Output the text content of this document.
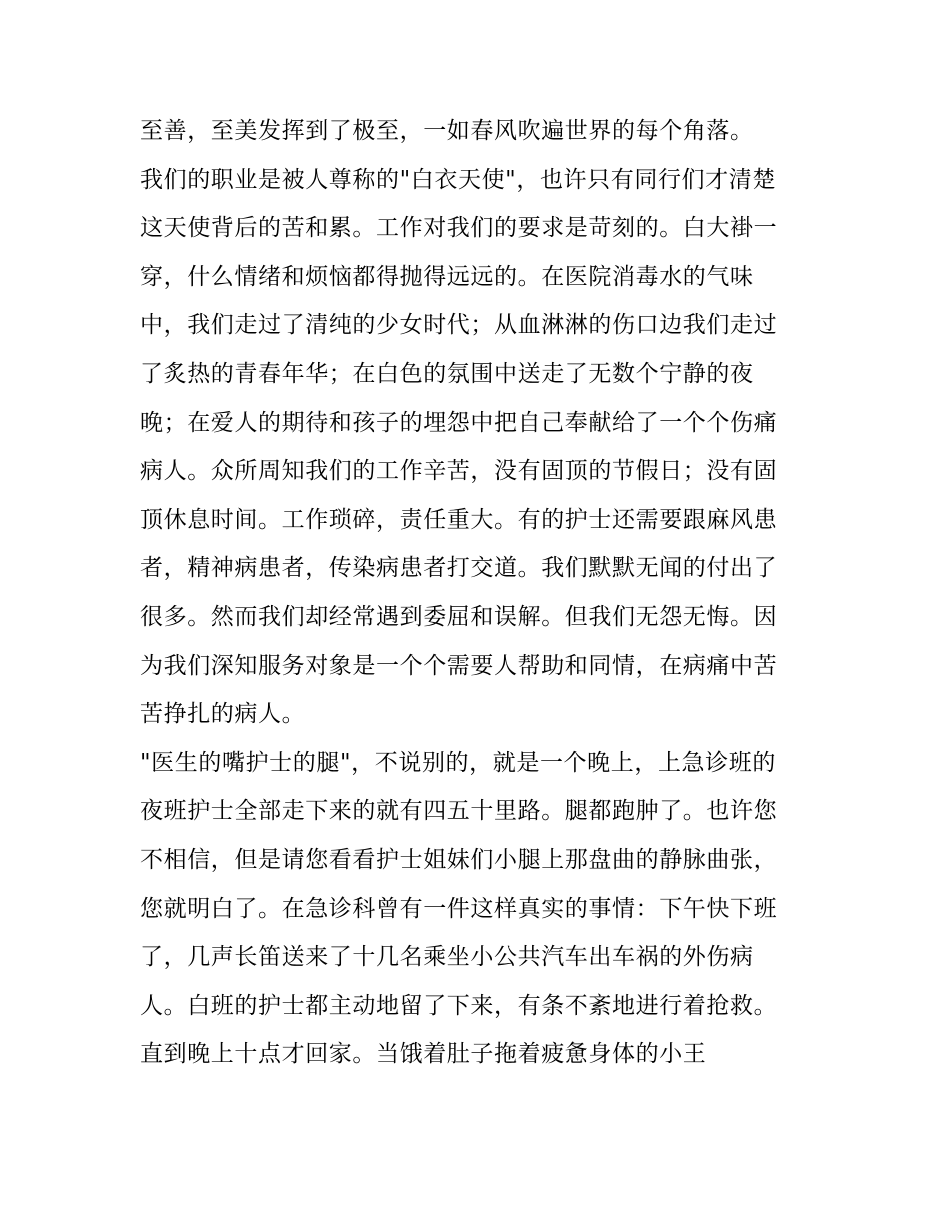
至善，至美发挥到了极至，一如春风吹遍世界的每个角落。
我们的职业是被人尊称的"白衣天使"，也许只有同行们才清楚
这天使背后的苦和累。工作对我们的要求是苛刻的。白大褂一
穿，什么情绪和烦恼都得抛得远远的。在医院消毒水的气味
中，我们走过了清纯的少女时代；从血淋淋的伤口边我们走过
了炙热的青春年华；在白色的氛围中送走了无数个宁静的夜
晚；在爱人的期待和孩子的埋怨中把自己奉献给了一个个伤痛
病人。众所周知我们的工作辛苦，没有固顶的节假日；没有固
顶休息时间。工作琐碎，责任重大。有的护士还需要跟麻风患
者，精神病患者，传染病患者打交道。我们默默无闻的付出了
很多。然而我们却经常遇到委屈和误解。但我们无怨无悔。因
为我们深知服务对象是一个个需要人帮助和同情，在病痛中苦
苦挣扎的病人。
"医生的嘴护士的腿"，不说别的，就是一个晚上，上急诊班的
夜班护士全部走下来的就有四五十里路。腿都跑肿了。也许您
不相信，但是请您看看护士姐妹们小腿上那盘曲的静脉曲张，
您就明白了。在急诊科曾有一件这样真实的事情：下午快下班
了，几声长笛送来了十几名乘坐小公共汽车出车祸的外伤病
人。白班的护士都主动地留了下来，有条不紊地进行着抢救。
直到晚上十点才回家。当饿着肚子拖着疲惫身体的小王
